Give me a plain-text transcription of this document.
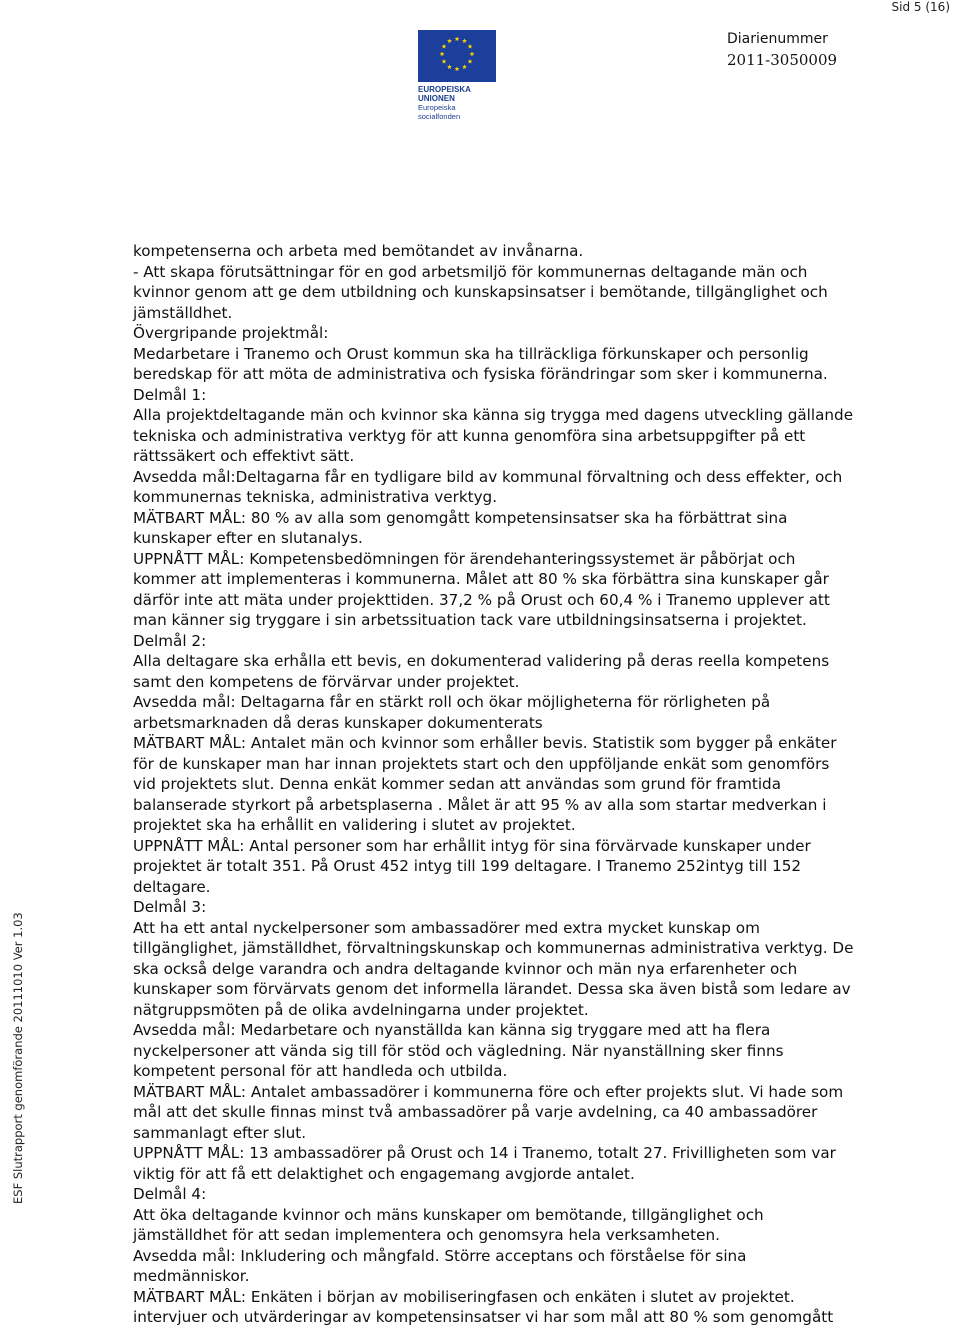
Sid 5 (16)
EUROPEISKA UNIONEN
Europeiska socialfonden
Diarienummer
2011-3050009
ESF Slutrapport genomförande 20111010 Ver 1.03
kompetenserna och arbeta med bemötandet av invånarna.
- Att skapa förutsättningar för en god arbetsmiljö för kommunernas deltagande män och
kvinnor genom att ge dem utbildning och kunskapsinsatser i bemötande, tillgänglighet och
jämställdhet.
Övergripande projektmål:
Medarbetare i Tranemo och Orust kommun ska ha tillräckliga förkunskaper och personlig
beredskap för att möta de administrativa och fysiska förändringar som sker i kommunerna.
Delmål 1:
Alla projektdeltagande män och kvinnor ska känna sig trygga med dagens utveckling gällande
tekniska och administrativa verktyg för att kunna genomföra sina arbetsuppgifter på ett
rättssäkert och effektivt sätt.
Avsedda mål:Deltagarna får en tydligare bild av kommunal förvaltning och dess effekter, och
kommunernas tekniska, administrativa verktyg.
MÄTBART MÅL: 80 % av alla som genomgått kompetensinsatser ska ha förbättrat sina
kunskaper efter en slutanalys.
UPPNÅTT MÅL: Kompetensbedömningen för ärendehanteringssystemet är påbörjat och
kommer att implementeras i kommunerna. Målet att 80 % ska förbättra sina kunskaper går
därför inte att mäta under projekttiden. 37,2 % på Orust och 60,4 % i Tranemo upplever att
man känner sig tryggare i sin arbetssituation tack vare utbildningsinsatserna i projektet.
Delmål 2:
Alla deltagare ska erhålla ett bevis, en dokumenterad validering på deras reella kompetens
samt den kompetens de förvärvar under projektet.
Avsedda mål: Deltagarna får en stärkt roll och ökar möjligheterna för rörligheten på
arbetsmarknaden då deras kunskaper dokumenterats
MÄTBART MÅL: Antalet män och kvinnor som erhåller bevis. Statistik som bygger på enkäter
för de kunskaper man har innan projektets start och den uppföljande enkät som genomförs
vid projektets slut. Denna enkät kommer sedan att användas som grund för framtida
balanserade styrkort på arbetsplaserna . Målet är att 95 % av alla som startar medverkan i
projektet ska ha erhållit en validering i slutet av projektet.
UPPNÅTT MÅL: Antal personer som har erhållit intyg för sina förvärvade kunskaper under
projektet är totalt 351. På Orust 452 intyg till 199 deltagare. I Tranemo 252intyg till 152
deltagare.
Delmål 3:
Att ha ett antal nyckelpersoner som ambassadörer med extra mycket kunskap om
tillgänglighet, jämställdhet, förvaltningskunskap och kommunernas administrativa verktyg. De
ska också delge varandra och andra deltagande kvinnor och män nya erfarenheter och
kunskaper som förvärvats genom det informella lärandet. Dessa ska även bistå som ledare av
nätgruppsmöten på de olika avdelningarna under projektet.
Avsedda mål: Medarbetare och nyanställda kan känna sig tryggare med att ha flera
nyckelpersoner att vända sig till för stöd och vägledning. När nyanställning sker finns
kompetent personal för att handleda och utbilda.
MÄTBART MÅL: Antalet ambassadörer i kommunerna före och efter projekts slut. Vi hade som
mål att det skulle finnas minst två ambassadörer på varje avdelning, ca 40 ambassadörer
sammanlagt efter slut.
UPPNÅTT MÅL: 13 ambassadörer på Orust och 14 i Tranemo, totalt 27. Frivilligheten som var
viktig för att få ett delaktighet och engagemang avgjorde antalet.
Delmål 4:
Att öka deltagande kvinnor och mäns kunskaper om bemötande, tillgänglighet och
jämställdhet för att sedan implementera och genomsyra hela verksamheten.
Avsedda mål: Inkludering och mångfald. Större acceptans och förståelse för sina
medmänniskor.
MÄTBART MÅL: Enkäten i början av mobiliseringfasen och enkäten i slutet av projektet.
intervjuer och utvärderingar av kompetensinsatser vi har som mål att 80 % som genomgått
